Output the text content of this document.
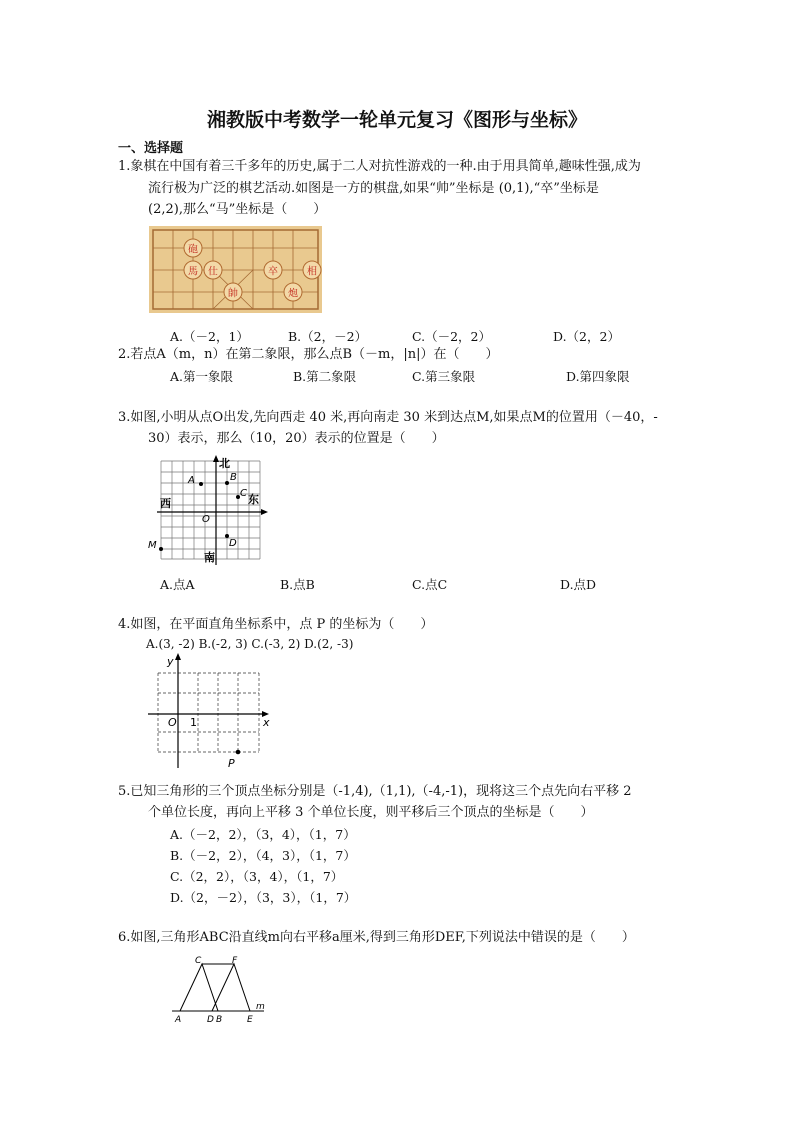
湘教版中考数学一轮单元复习《图形与坐标》
一、选择题
1.象棋在中国有着三千多年的历史,属于二人对抗性游戏的一种.由于用具简单,趣味性强,成为
流行极为广泛的棋艺活动.如图是一方的棋盘,如果“帅”坐标是 (0,1),“卒”坐标是
(2,2),那么“马”坐标是（　　）
砲
馬 仕
帥
卒	相
炮
A.（－2，1）	B.（2，－2）	C.（－2，2）	D.（2，2）
2.若点A（m，n）在第二象限，那么点B（－m，|n|）在（　　）
A.第一象限	B.第二象限	C.第三象限	D.第四象限
3.如图,小明从点O出发,先向西走 40 米,再向南走 30 米到达点M,如果点M的位置用（－40，-
30）表示，那么（10，20）表示的位置是（　　）
北
南
东
西
A	B
C
D
M
O
A.点A	B.点B	C.点C	D.点D
4.如图，在平面直角坐标系中，点 P 的坐标为（　　）
A.(3, -2) B.(-2, 3) C.(-3, 2) D.(2, -3)
y
x
O 1
P
5.已知三角形的三个顶点坐标分别是（-1,4),（1,1),（-4,-1)，现将这三个点先向右平移 2
个单位长度，再向上平移 3 个单位长度，则平移后三个顶点的坐标是（　　）
A.（－2，2），（3，4），（1，7）
B.（－2，2），（4，3），（1，7）
C.（2，2），（3，4），（1，7）
D.（2，－2），（3，3），（1，7）
6.如图,三角形ABC沿直线m向右平移a厘米,得到三角形DEF,下列说法中错误的是（　　）
C	F
A	D B	E
m
